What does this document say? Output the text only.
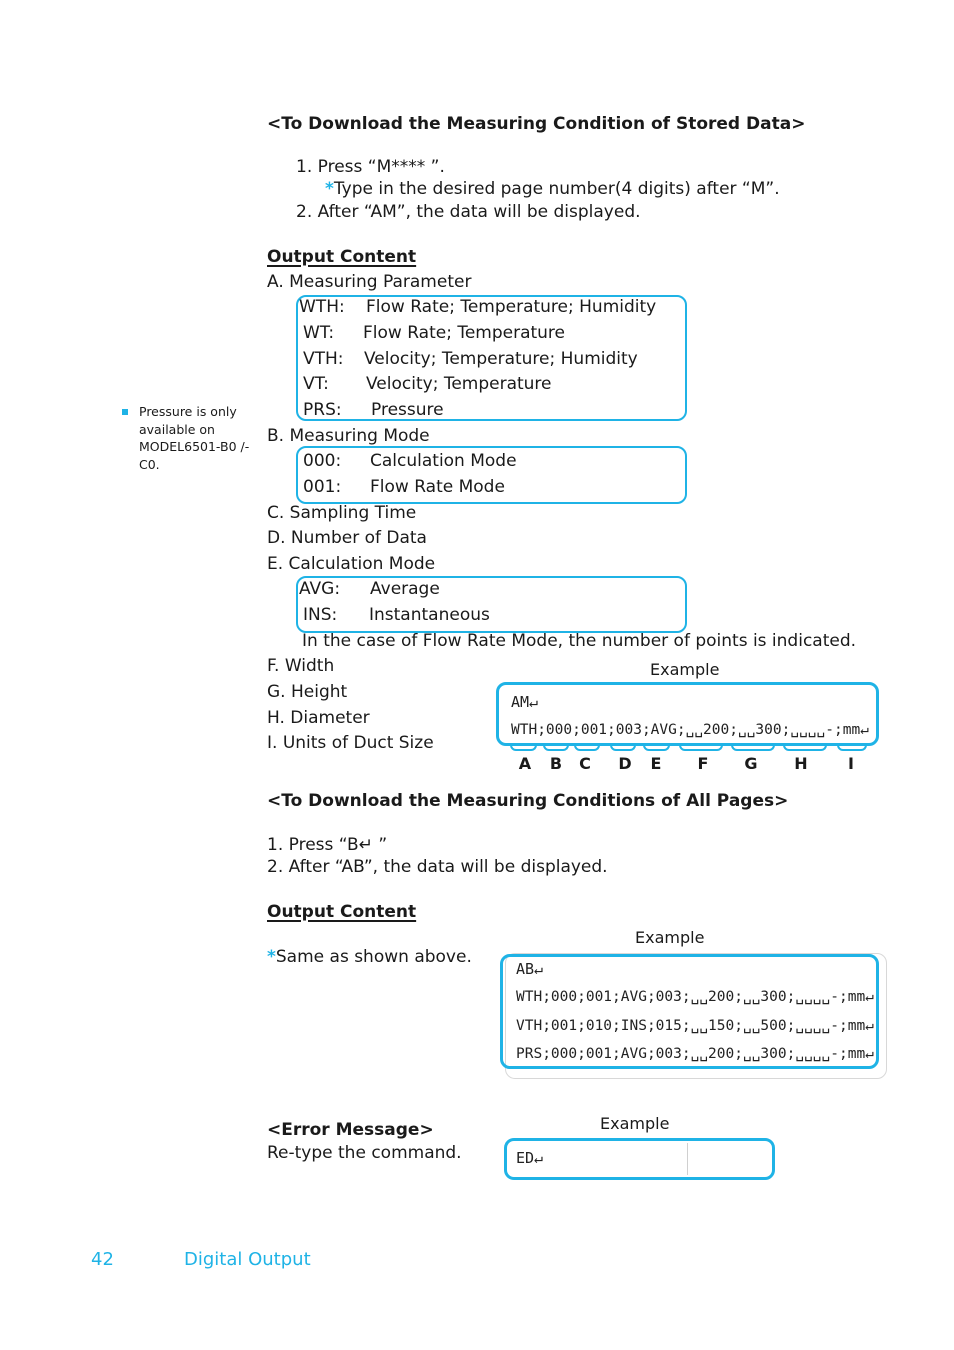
<To Download the Measuring Condition of Stored Data>
1. Press “M**** ”.
*Type in the desired page number(4 digits) after “M”.
2. After “AM”, the data will be displayed.
Output Content
A. Measuring Parameter
WTH: Flow Rate; Temperature; Humidity
WT: Flow Rate; Temperature
VTH: Velocity; Temperature; Humidity
VT: Velocity; Temperature
PRS: Pressure
Pressure is only available on MODEL6501-B0 /-C0.
B. Measuring Mode
000: Calculation Mode
001: Flow Rate Mode
C. Sampling Time
D. Number of Data
E. Calculation Mode
AVG: Average
INS: Instantaneous
In the case of Flow Rate Mode, the number of points is indicated.
F. Width
G. Height
H. Diameter
I. Units of Duct Size
Example
AM↵
WTH;000;001;003;AVG;␣␣200;␣␣300;␣␣␣␣-;mm↵
A	B	C	D	E	F	G	H	I
<To Download the Measuring Conditions of All Pages>
1. Press “B↵ ”
2. After “AB”, the data will be displayed.
Output Content
*Same as shown above.
Example
AB↵
WTH;000;001;AVG;003;␣␣200;␣␣300;␣␣␣␣-;mm↵
VTH;001;010;INS;015;␣␣150;␣␣500;␣␣␣␣-;mm↵
PRS;000;001;AVG;003;␣␣200;␣␣300;␣␣␣␣-;mm↵
<Error Message>
Re-type the command.
Example
ED↵
42	Digital Output
